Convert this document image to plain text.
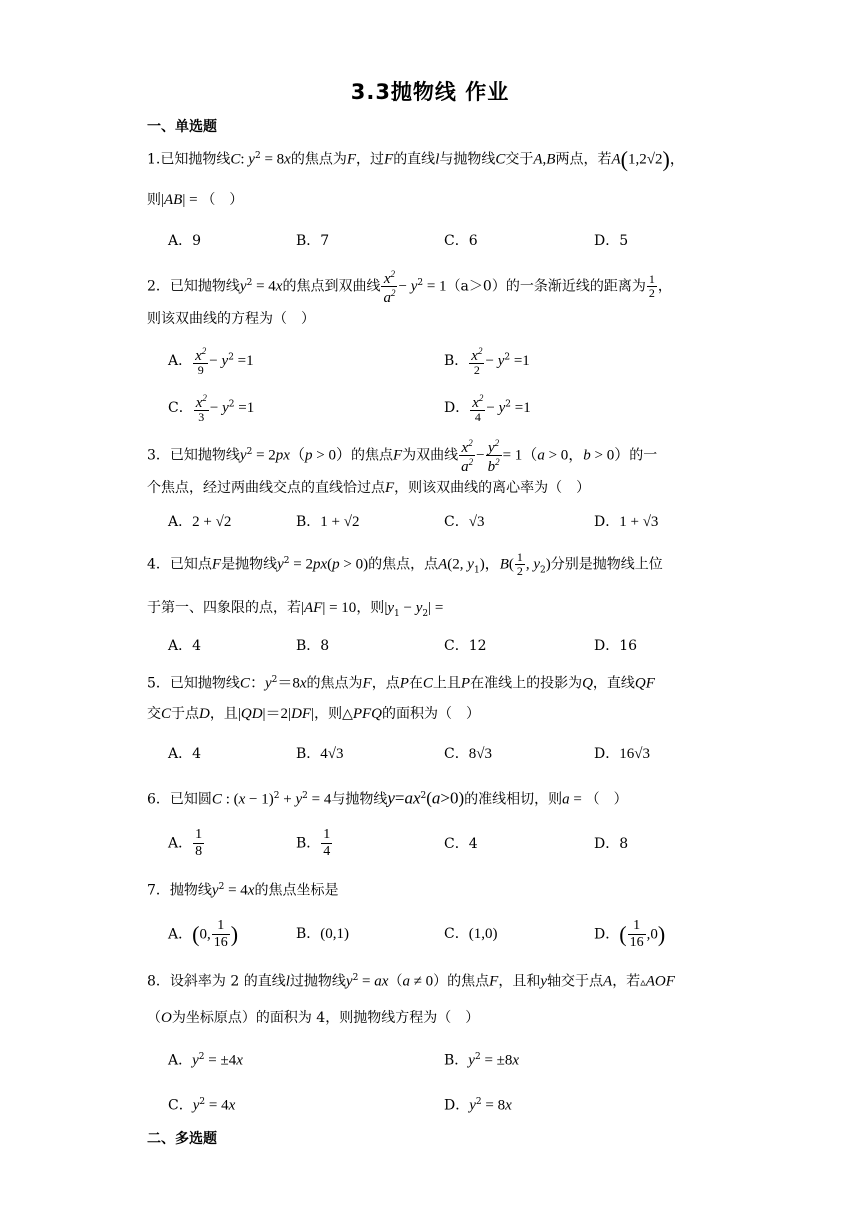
3.3抛物线 作业
一、单选题
1.已知抛物线C: $y^2 = 8x$的焦点为F，过F的直线l与抛物线C交于A,B两点，若A(1,2√2)，
则|AB| = （　）
A．9	B．7	C．6	D．5
2．已知抛物线$y^2 = 4x$的焦点到双曲线 $\frac{x^2}{a^2} - y^2 = 1(a>0)$的一条渐近线的距离为 $\frac{1}{2}$ ，
则该双曲线的方程为（　）
A． $\frac{x^2}{9} - y^2 =1$	B． $\frac{x^2}{2} - y^2 =1$
C． $\frac{x^2}{3} - y^2 =1$	D． $\frac{x^2}{4} - y^2 =1$
3．已知抛物线$y^2 = 2px(p > 0)$的焦点F为双曲线 $\frac{x^2}{a^2} - \frac{y^2}{b^2} = 1(a > 0$，b > 0）的一
个焦点，经过两曲线交点的直线恰过点F，则该双曲线的离心率为（　）
A．2 + √2	B．1 + √2	C．√3	D．1 + √3
4．已知点F是抛物线$y^2 = 2px(p > 0)$的焦点，点A(2, $y_1$)，$B( \frac{1}{2}$ , $y_2$)分别是抛物线上位
于第一、四象限的点，若|AF| = 10，则$|y_1 - y_2|$ =
A．4	B．8	C．12	D．16
5．已知抛物线C：$y^2=8x$的焦点为F，点P在C上且P在准线上的投影为Q，直线QF
交C于点D，且|QD|＝2|DF|，则△PFQ的面积为（　）
A．4	B．4√3	C．8√3	D．16√3
6．已知圆C : $(x - 1)^2 + y^2 = 4$与抛物线$y=ax^2(a>0)$的准线相切，则a = （　）
A． $\frac{1}{8}$	B． $\frac{1}{4}$	C．4	D．8
7．抛物线$y^2 = 4x$的焦点坐标是
A．(0, $\frac{1}{16}$ )	B．(0,1)	C．(1,0)	D．( $\frac{1}{16} ,0$)
8．设斜率为 2 的直线l过抛物线$y^2 = ax(a \ne 0)$的焦点F，且和y轴交于点A，若▵AOF
（O为坐标原点）的面积为 4，则抛物线方程为（　）
A．$y^2 = \pm 4x$	B．$y^2 = \pm 8x$
C．$y^2 = 4x$	D．$y^2 = 8x$
二、多选题
